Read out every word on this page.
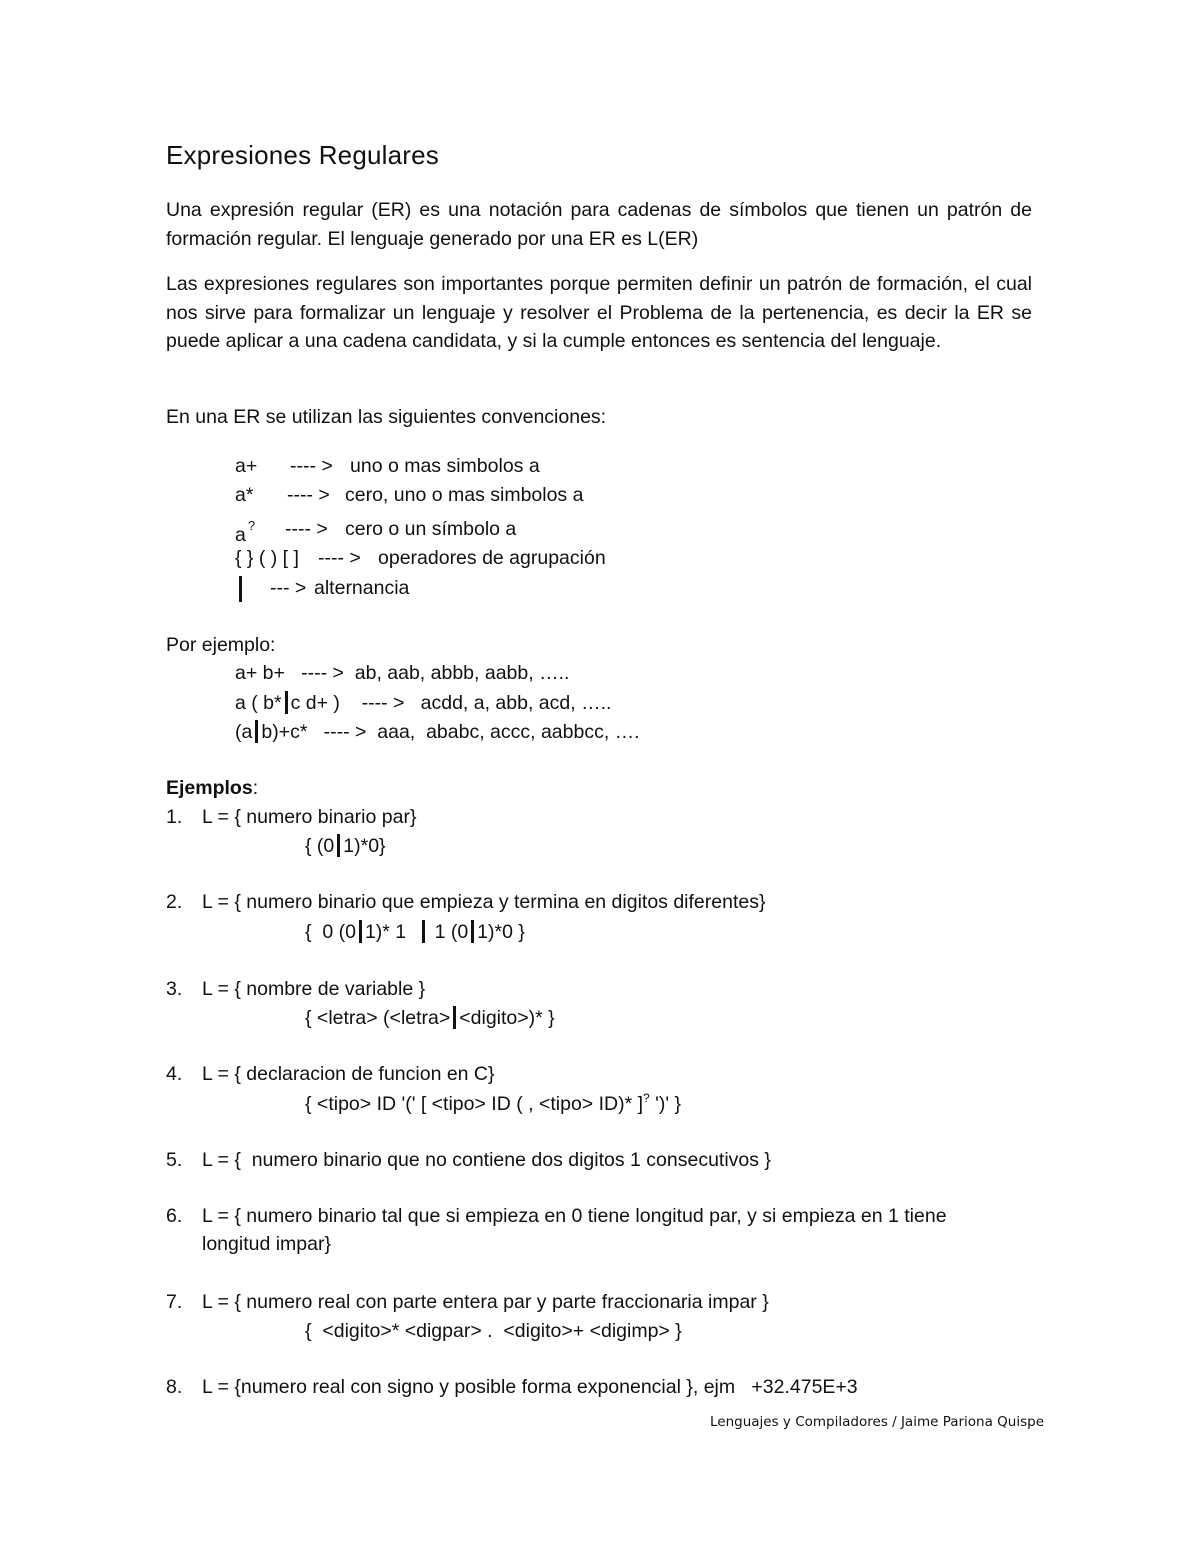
Expresiones Regulares
Una expresión regular (ER) es una notación para cadenas de símbolos que tienen un patrón de formación regular. El lenguaje generado por una ER es L(ER)
Las expresiones regulares son importantes porque permiten definir un patrón de formación, el cual nos sirve para formalizar un lenguaje y resolver el Problema de la pertenencia, es decir la ER se puede aplicar a una cadena candidata, y si la cumple entonces es sentencia del lenguaje.
En una ER se utilizan las siguientes convenciones:
a+ ---- > uno o mas simbolos a
a* ---- > cero, uno o mas simbolos a
a ? ---- > cero o un símbolo a
{ } ( ) [ ] ---- > operadores de agrupación
--- > alternancia
Por ejemplo:
a+ b+   ---- >  ab, aab, abbb, aabb, …..
a ( b* c d+ )    ---- >   acdd, a, abb, acd, …..
(a b)+c*   ---- >  aaa,  ababc, accc, aabbcc, ….
Ejemplos:
1. L = { numero binario par}
{ (0 1)*0}
2. L = { numero binario que empieza y termina en digitos diferentes}
{  0 (0 1)* 1 1 (0 1)*0 }
3. L = { nombre de variable }
{ <letra> (<letra> <digito>)* }
4. L = { declaracion de funcion en C}
{ <tipo> ID '(' [ <tipo> ID ( , <tipo> ID)* ]? ')' }
5. L = {  numero binario que no contiene dos digitos 1 consecutivos }
6. L = { numero binario tal que si empieza en 0 tiene longitud par, y si empieza en 1 tiene
longitud impar}
7. L = { numero real con parte entera par y parte fraccionaria impar }
{  <digito>* <digpar> .  <digito>+ <digimp> }
8. L = {numero real con signo y posible forma exponencial }, ejm   +32.475E+3
Lenguajes y Compiladores / Jaime Pariona Quispe
